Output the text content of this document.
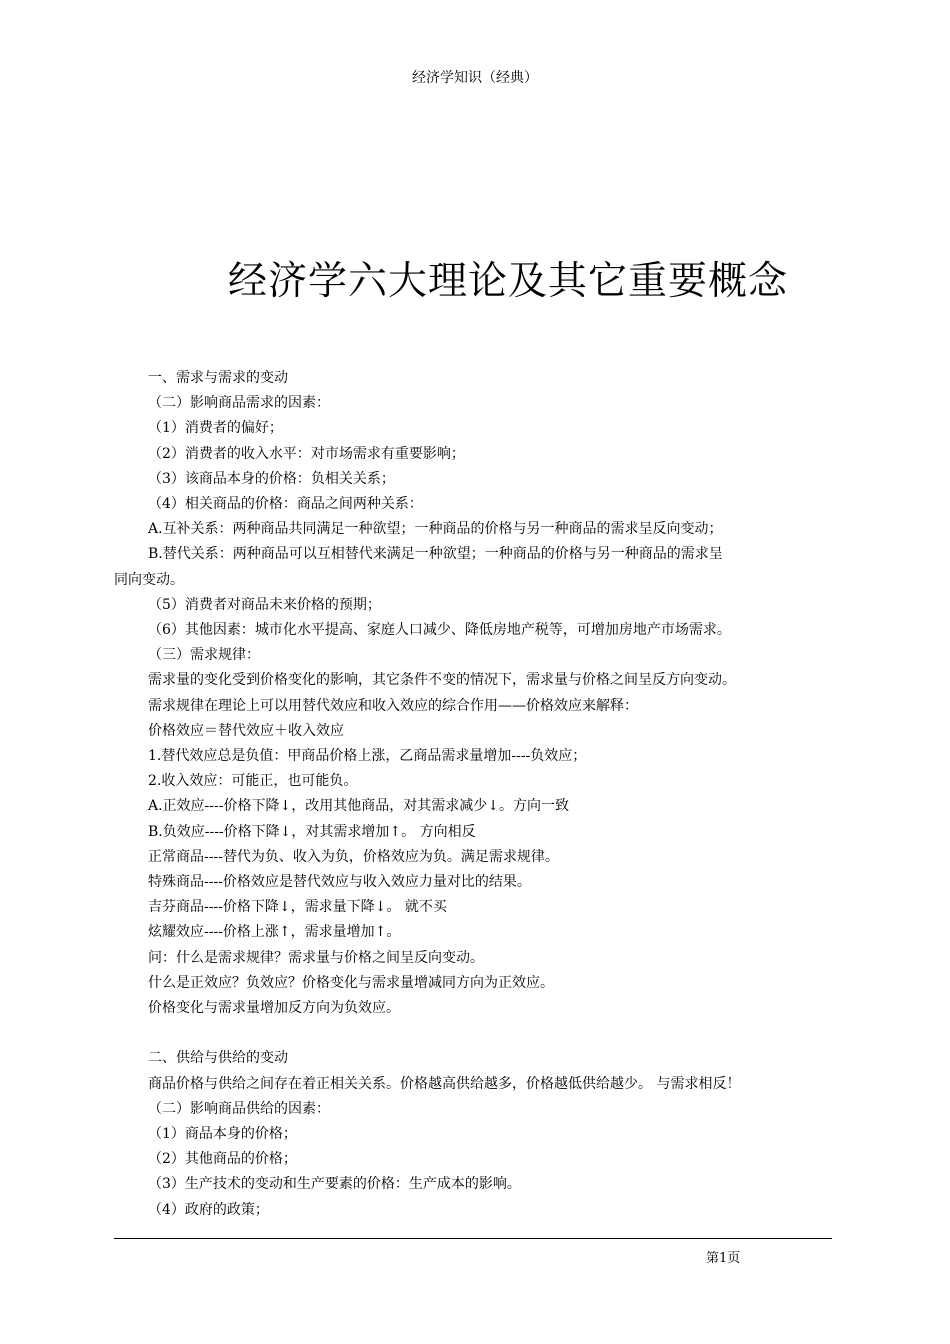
经济学知识（经典）
经济学六大理论及其它重要概念
一、需求与需求的变动
（二）影响商品需求的因素：
（1）消费者的偏好；
（2）消费者的收入水平：对市场需求有重要影响；
（3）该商品本身的价格：负相关关系；
（4）相关商品的价格：商品之间两种关系：
A.互补关系：两种商品共同满足一种欲望；一种商品的价格与另一种商品的需求呈反向变动；
B.替代关系：两种商品可以互相替代来满足一种欲望；一种商品的价格与另一种商品的需求呈
同向变动。
（5）消费者对商品未来价格的预期；
（6）其他因素：城市化水平提高、家庭人口减少、降低房地产税等，可增加房地产市场需求。
（三）需求规律：
需求量的变化受到价格变化的影响，其它条件不变的情况下，需求量与价格之间呈反方向变动。
需求规律在理论上可以用替代效应和收入效应的综合作用——价格效应来解释：
价格效应＝替代效应＋收入效应
1.替代效应总是负值：甲商品价格上涨，乙商品需求量增加----负效应；
2.收入效应：可能正，也可能负。
A.正效应----价格下降↓，改用其他商品，对其需求减少↓。方向一致
B.负效应----价格下降↓，对其需求增加↑。 方向相反
正常商品----替代为负、收入为负，价格效应为负。满足需求规律。
特殊商品----价格效应是替代效应与收入效应力量对比的结果。
吉芬商品----价格下降↓，需求量下降↓。 就不买
炫耀效应----价格上涨↑，需求量增加↑。
问：什么是需求规律？需求量与价格之间呈反向变动。
什么是正效应？负效应？价格变化与需求量增减同方向为正效应。
价格变化与需求量增加反方向为负效应。
二、供给与供给的变动
商品价格与供给之间存在着正相关关系。价格越高供给越多，价格越低供给越少。 与需求相反！
（二）影响商品供给的因素：
（1）商品本身的价格；
（2）其他商品的价格；
（3）生产技术的变动和生产要素的价格：生产成本的影响。
（4）政府的政策；
第1页
